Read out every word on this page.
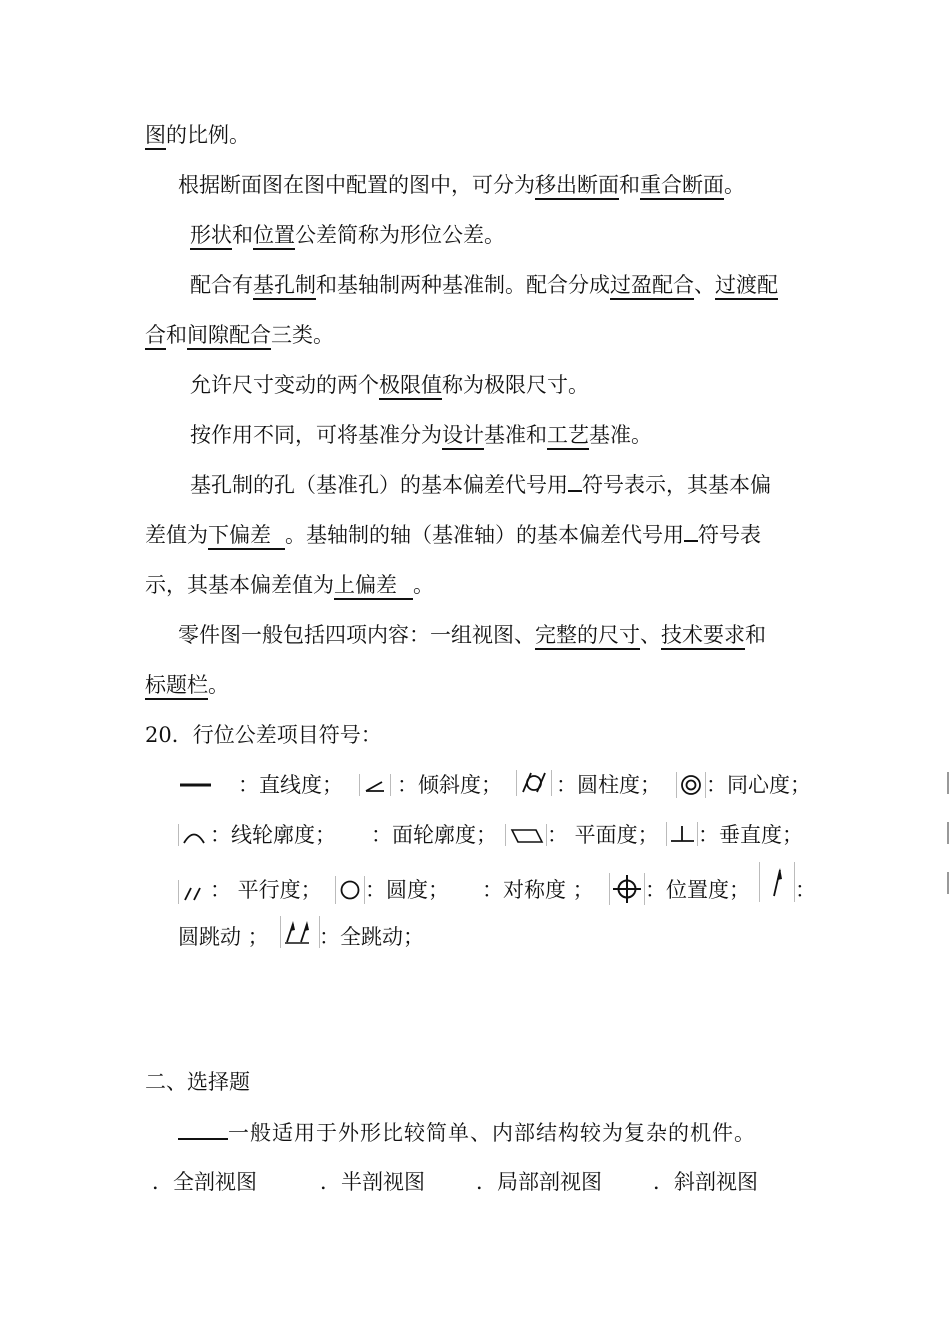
图的比例。
根据断面图在图中配置的图中，可分为移出断面和重合断面。
形状和位置公差简称为形位公差。
配合有基孔制和基轴制两种基准制。配合分成过盈配合、过渡配
合和间隙配合三类。
允许尺寸变动的两个极限值称为极限尺寸。
按作用不同，可将基准分为设计基准和工艺基准。
基孔制的孔（基准孔）的基本偏差代号用 符号表示，其基本偏
差值为下偏差 。基轴制的轴（基准轴）的基本偏差代号用 符号表
示，其基本偏差值为上偏差 。
零件图一般包括四项内容：一组视图、完整的尺寸、技术要求和
标题栏。
20．行位公差项目符号：
：直线度；	：倾斜度；	：圆柱度； ：同心度；
：线轮廓度； ：面轮廓度； ： 平面度； ：垂直度；
： 平行度； ：圆度； ：对称度 ； ：位置度； ：
圆跳动 ； ：全跳动；
二、选择题
一般适用于外形比较简单、内部结构较为复杂的机件。
．全剖视图	．半剖视图 ．局部剖视图 ．斜剖视图
